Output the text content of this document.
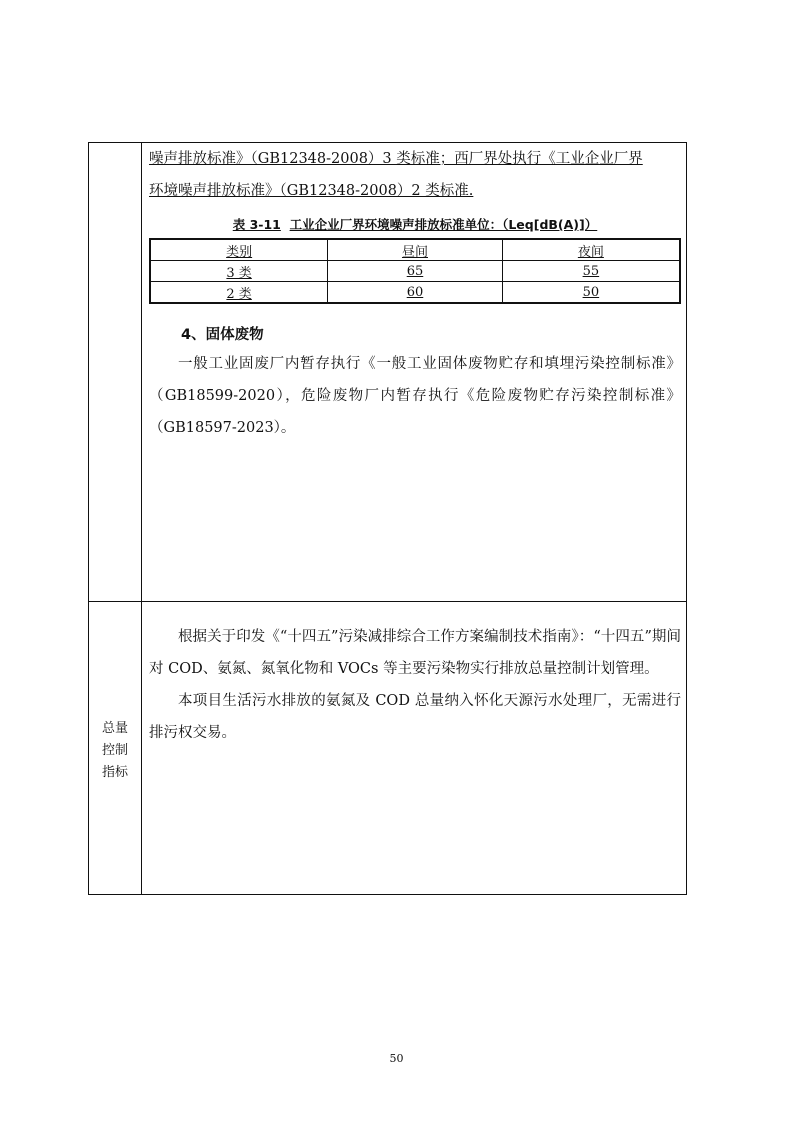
噪声排放标准》（GB12348-2008）3 类标准；西厂界处执行《工业企业厂界

环境噪声排放标准》（GB12348-2008）2 类标准.

表 3-11 工业企业厂界环境噪声排放标准单位：（Leq[dB(A)]）
类别	昼间	夜间
3 类	65	55
2 类	60	50
4、固体废物

一般工业固废厂内暂存执行《一般工业固体废物贮存和填埋污染控制标准》（GB18599-2020），危险废物厂内暂存执行《危险废物贮存污染控制标准》（GB18597-2023）。

总量
控制
指标

根据关于印发《“十四五”污染减排综合工作方案编制技术指南》：“十四五”期间对 COD、氨氮、氮氧化物和 VOCs 等主要污染物实行排放总量控制计划管理。

本项目生活污水排放的氨氮及 COD 总量纳入怀化天源污水处理厂，无需进行排污权交易。

50
